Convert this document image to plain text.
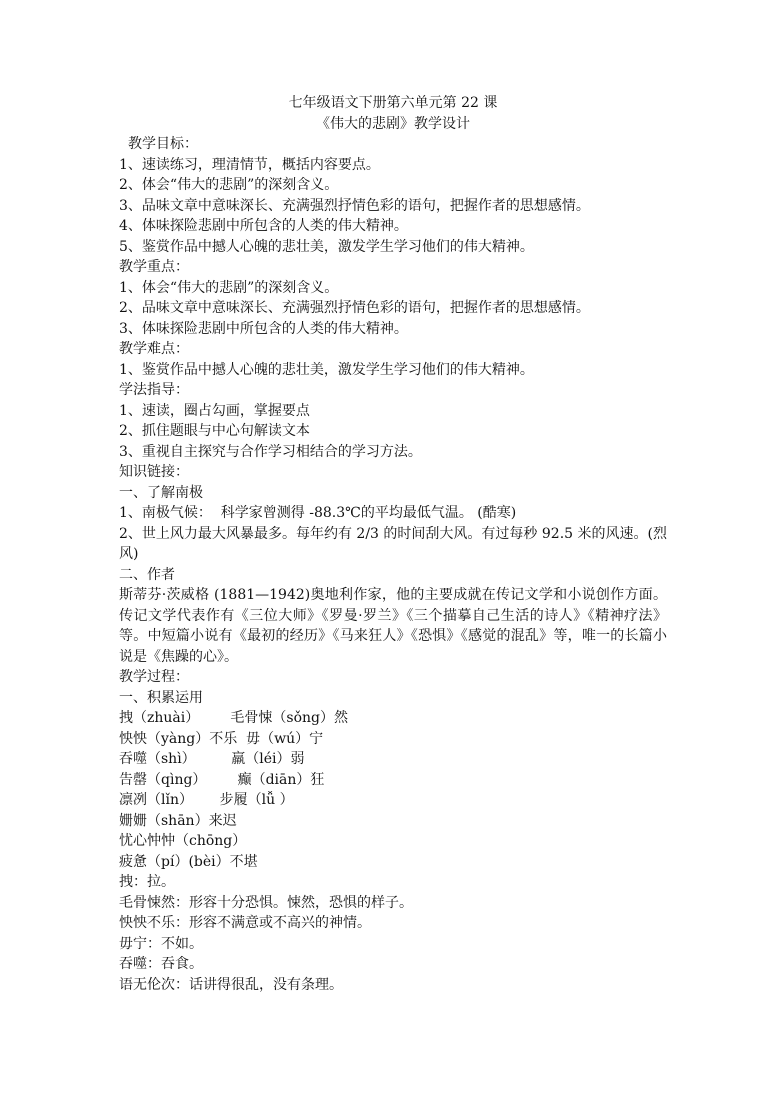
七年级语文下册第六单元第 22 课
《伟大的悲剧》教学设计
教学目标：
1、速读练习，理清情节，概括内容要点。
2、体会“伟大的悲剧”的深刻含义。
3、品味文章中意味深长、充满强烈抒情色彩的语句，把握作者的思想感情。
4、体味探险悲剧中所包含的人类的伟大精神。
5、鉴赏作品中撼人心魄的悲壮美，激发学生学习他们的伟大精神。
教学重点：
1、体会“伟大的悲剧”的深刻含义。
2、品味文章中意味深长、充满强烈抒情色彩的语句，把握作者的思想感情。
3、体味探险悲剧中所包含的人类的伟大精神。
教学难点：
1、鉴赏作品中撼人心魄的悲壮美，激发学生学习他们的伟大精神。
学法指导：
1、速读，圈占勾画，掌握要点
2、抓住题眼与中心句解读文本
3、重视自主探究与合作学习相结合的学习方法。
知识链接：
一、了解南极
1、南极气候：  科学家曾测得 -88.3℃的平均最低气温。 (酷寒)
2、世上风力最大风暴最多。每年约有 2/3 的时间刮大风。有过每秒 92.5 米的风速。(烈风)
二、作者
斯蒂芬·茨威格 (1881—1942)奥地利作家，他的主要成就在传记文学和小说创作方面。传记文学代表作有《三位大师》《罗曼·罗兰》《三个描摹自己生活的诗人》《精神疗法》等。中短篇小说有《最初的经历》《马来狂人》《恐惧》《感觉的混乱》等，唯一的长篇小说是《焦躁的心》。
教学过程：
一、积累运用
拽（zhuài）       毛骨悚（sǒng）然
怏怏（yàng）不乐  毋（wú）宁
吞噬（shì）        羸（léi）弱
告罄（qìng）       癫（diān）狂
凛冽（lǐn）      步履（lǚ ）
姗姗（shān）来迟
忧心忡忡（chōng）
疲惫（pí）(bèi）不堪
拽：拉。
毛骨悚然：形容十分恐惧。悚然，恐惧的样子。
怏怏不乐：形容不满意或不高兴的神情。
毋宁：不如。
吞噬：吞食。
语无伦次：话讲得很乱，没有条理。
